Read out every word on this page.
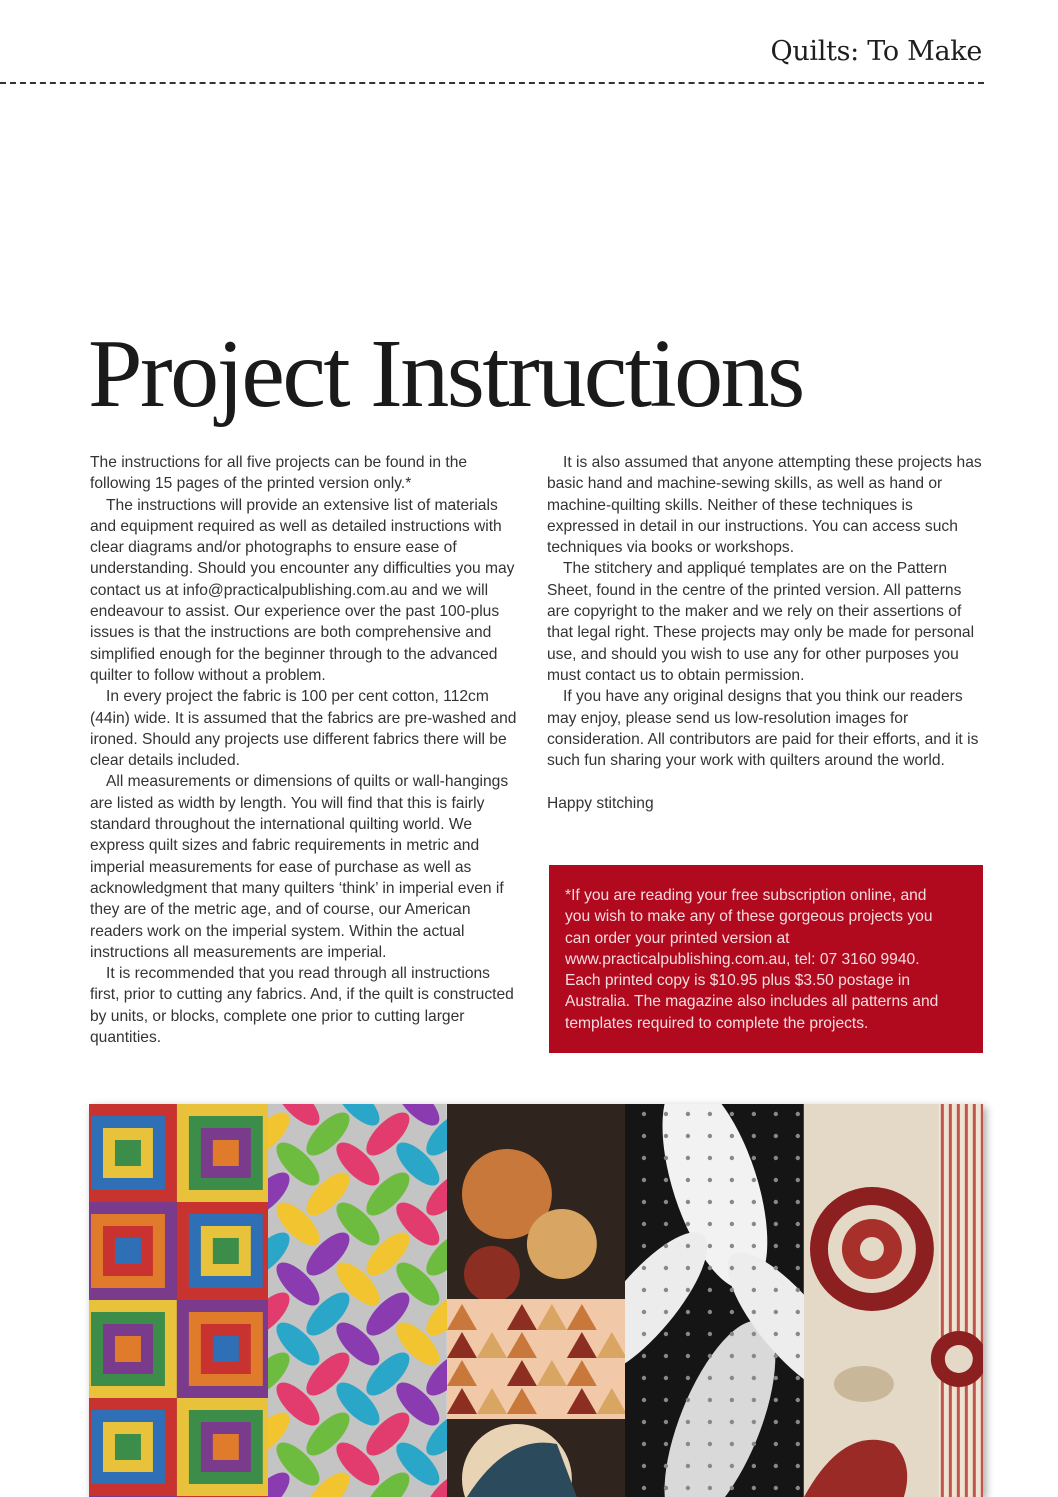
Quilts: To Make
Project Instructions

The instructions for all five projects can be found in the following 15 pages of the printed version only.*

The instructions will provide an extensive list of materials and equipment required as well as detailed instructions with clear diagrams and/or photographs to ensure ease of understanding. Should you encounter any difficulties you may contact us at info@practicalpublishing.com.au and we will endeavour to assist. Our experience over the past 100-plus issues is that the instructions are both comprehensive and simplified enough for the beginner through to the advanced quilter to follow without a problem.

In every project the fabric is 100 per cent cotton, 112cm (44in) wide. It is assumed that the fabrics are pre-washed and ironed. Should any projects use different fabrics there will be clear details included.

All measurements or dimensions of quilts or wall-hangings are listed as width by length. You will find that this is fairly standard throughout the international quilting world. We express quilt sizes and fabric requirements in metric and imperial measurements for ease of purchase as well as acknowledgment that many quilters ‘think’ in imperial even if they are of the metric age, and of course, our American readers work on the imperial system. Within the actual instructions all measurements are imperial.

It is recommended that you read through all instructions first, prior to cutting any fabrics. And, if the quilt is constructed by units, or blocks, complete one prior to cutting larger quantities.

It is also assumed that anyone attempting these projects has basic hand and machine-sewing skills, as well as hand or machine-quilting skills. Neither of these techniques is expressed in detail in our instructions. You can access such techniques via books or workshops.

The stitchery and appliqué templates are on the Pattern Sheet, found in the centre of the printed version. All patterns are copyright to the maker and we rely on their assertions of that legal right. These projects may only be made for personal use, and should you wish to use any for other purposes you must contact us to obtain permission.

If you have any original designs that you think our readers may enjoy, please send us low-resolution images for consideration. All contributors are paid for their efforts, and it is such fun sharing your work with quilters around the world.

Happy stitching

*If you are reading your free subscription online, and you wish to make any of these gorgeous projects you can order your printed version at www.practicalpublishing.com.au, tel: 07 3160 9940. Each printed copy is $10.95 plus $3.50 postage in Australia. The magazine also includes all patterns and templates required to complete the projects.
